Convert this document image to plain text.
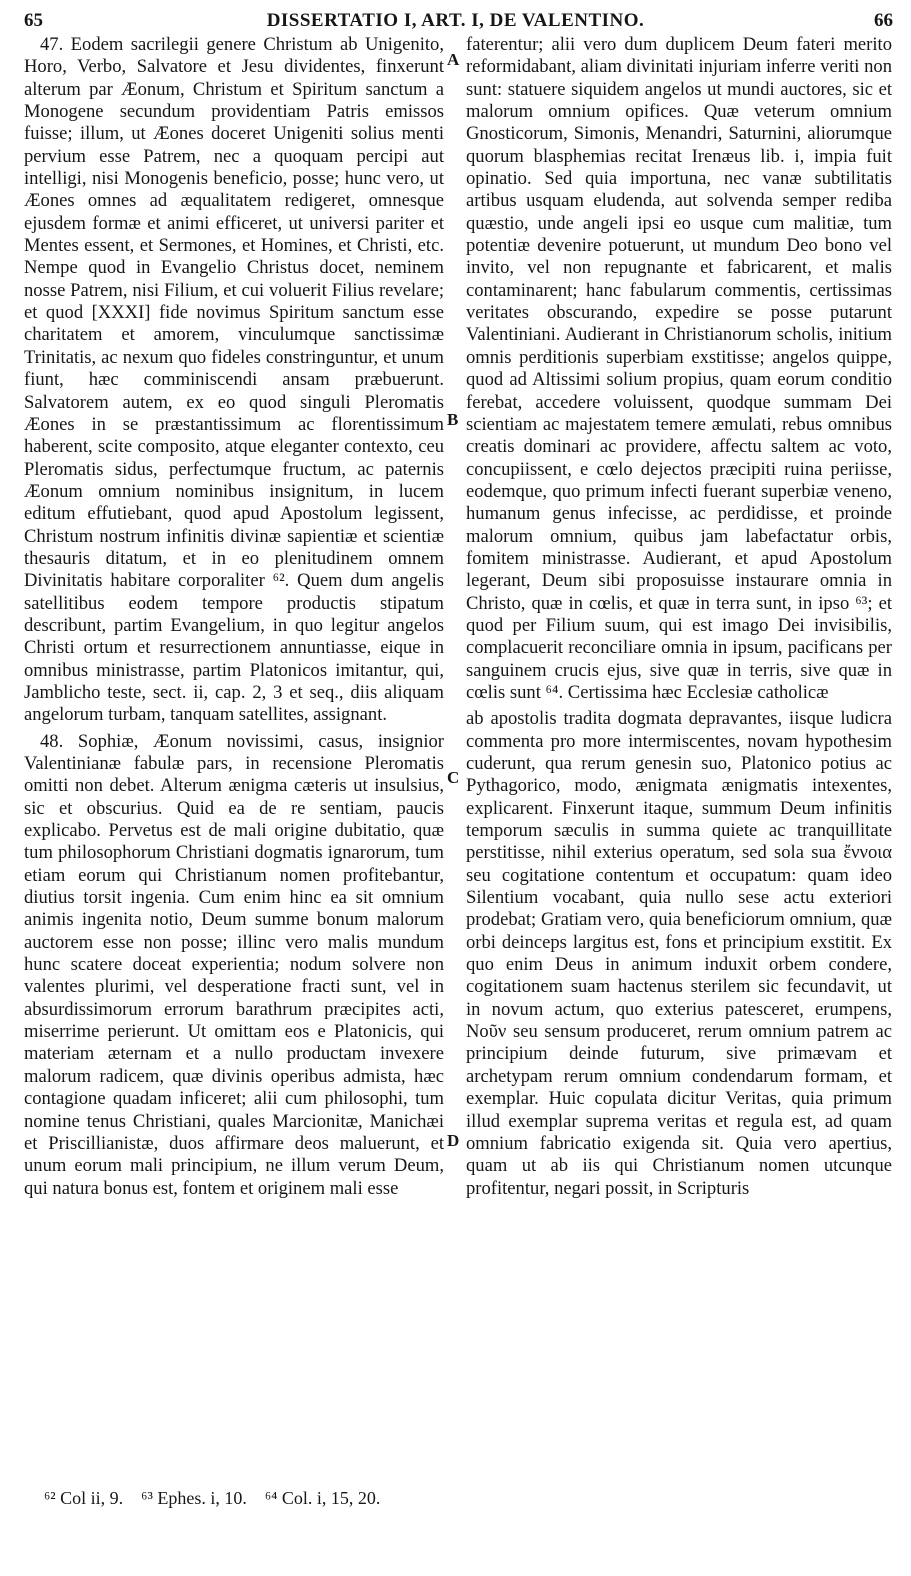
65	DISSERTATIO I, ART. I, DE VALENTINO.	66

47. Eodem sacrilegii genere Christum ab Unigenito, Horo, Verbo, Salvatore et Jesu dividentes, finxerunt alterum par Æonum, Christum et Spiritum sanctum a Monogene secundum providentiam Patris emissos fuisse; illum, ut Æones doceret Unigeniti solius menti pervium esse Patrem, nec a quoquam percipi aut intelligi, nisi Monogenis beneficio, posse; hunc vero, ut Æones omnes ad æqualitatem redigeret, omnesque ejusdem formæ et animi efficeret, ut universi pariter et Mentes essent, et Sermones, et Homines, et Christi, etc. Nempe quod in Evangelio Christus docet, neminem nosse Patrem, nisi Filium, et cui voluerit Filius revelare; et quod [XXXI] fide novimus Spiritum sanctum esse charitatem et amorem, vinculumque sanctissimæ Trinitatis, ac nexum quo fideles constringuntur, et unum fiunt, hæc comminiscendi ansam præbuerunt. Salvatorem autem, ex eo quod singuli Pleromatis Æones in se præstantissimum ac florentissimum haberent, scite composito, atque eleganter contexto, ceu Pleromatis sidus, perfectumque fructum, ac paternis Æonum omnium nominibus insignitum, in lucem editum effutiebant, quod apud Apostolum legissent, Christum nostrum infinitis divinæ sapientiæ et scientiæ thesauris ditatum, et in eo plenitudinem omnem Divinitatis habitare corporaliter ⁶². Quem dum angelis satellitibus eodem tempore productis stipatum describunt, partim Evangelium, in quo legitur angelos Christi ortum et resurrectionem annuntiasse, eique in omnibus ministrasse, partim Platonicos imitantur, qui, Jamblicho teste, sect. ii, cap. 2, 3 et seq., diis aliquam angelorum turbam, tanquam satellites, assignant.

48. Sophiæ, Æonum novissimi, casus, insignior Valentinianæ fabulæ pars, in recensione Pleromatis omitti non debet. Alterum ænigma cæteris ut insulsius, sic et obscurius. Quid ea de re sentiam, paucis explicabo. Pervetus est de mali origine dubitatio, quæ tum philosophorum Christiani dogmatis ignarorum, tum etiam eorum qui Christianum nomen profitebantur, diutius torsit ingenia. Cum enim hinc ea sit omnium animis ingenita notio, Deum summe bonum malorum auctorem esse non posse; illinc vero malis mundum hunc scatere doceat experientia; nodum solvere non valentes plurimi, vel desperatione fracti sunt, vel in absurdissimorum errorum barathrum præcipites acti, miserrime perierunt. Ut omittam eos e Platonicis, qui materiam æternam et a nullo productam invexere malorum radicem, quæ divinis operibus admista, hæc contagione quadam inficeret; alii cum philosophi, tum nomine tenus Christiani, quales Marcionitæ, Manichæi et Priscillianistæ, duos affirmare deos maluerunt, et unum eorum mali principium, ne illum verum Deum, qui natura bonus est, fontem et originem mali esse

faterentur; alii vero dum duplicem Deum fateri merito reformidabant, aliam divinitati injuriam inferre veriti non sunt: statuere siquidem angelos ut mundi auctores, sic et malorum omnium opifices. Quæ veterum omnium Gnosticorum, Simonis, Menandri, Saturnini, aliorumque quorum blasphemias recitat Irenæus lib. i, impia fuit opinatio. Sed quia importuna, nec vanæ subtilitatis artibus usquam eludenda, aut solvenda semper rediba quæstio, unde angeli ipsi eo usque cum malitiæ, tum potentiæ devenire potuerunt, ut mundum Deo bono vel invito, vel non repugnante et fabricarent, et malis contaminarent; hanc fabularum commentis, certissimas veritates obscurando, expedire se posse putarunt Valentiniani. Audierant in Christianorum scholis, initium omnis perditionis superbiam exstitisse; angelos quippe, quod ad Altissimi solium propius, quam eorum conditio ferebat, accedere voluissent, quodque summam Dei scientiam ac majestatem temere æmulati, rebus omnibus creatis dominari ac providere, affectu saltem ac voto, concupiissent, e cœlo dejectos præcipiti ruina periisse, eodemque, quo primum infecti fuerant superbiæ veneno, humanum genus infecisse, ac perdidisse, et proinde malorum omnium, quibus jam labefactatur orbis, fomitem ministrasse. Audierant, et apud Apostolum legerant, Deum sibi proposuisse instaurare omnia in Christo, quæ in cœlis, et quæ in terra sunt, in ipso ⁶³; et quod per Filium suum, qui est imago Dei invisibilis, complacuerit reconciliare omnia in ipsum, pacificans per sanguinem crucis ejus, sive quæ in terris, sive quæ in cœlis sunt ⁶⁴. Certissima hæc Ecclesiæ catholicæ

ab apostolis tradita dogmata depravantes, iisque ludicra commenta pro more intermiscentes, novam hypothesim cuderunt, qua rerum genesin suo, Platonico potius ac Pythagorico, modo, ænigmata ænigmatis intexentes, explicarent. Finxerunt itaque, summum Deum infinitis temporum sæculis in summa quiete ac tranquillitate perstitisse, nihil exterius operatum, sed sola sua ἔννοια seu cogitatione contentum et occupatum: quam ideo Silentium vocabant, quia nullo sese actu exteriori prodebat; Gratiam vero, quia beneficiorum omnium, quæ orbi deinceps largitus est, fons et principium exstitit. Ex quo enim Deus in animum induxit orbem condere, cogitationem suam hactenus sterilem sic fecundavit, ut in novum actum, quo exterius patesceret, erumpens, Νοῦν seu sensum produceret, rerum omnium patrem ac principium deinde futurum, sive primævam et archetypam rerum omnium condendarum formam, et exemplar. Huic copulata dicitur Veritas, quia primum illud exemplar suprema veritas et regula est, ad quam omnium fabricatio exigenda sit. Quia vero apertius, quam ut ab iis qui Christianum nomen utcunque profitentur, negari possit, in Scripturis

A
B
C
D
⁶² Col ii, 9.    ⁶³ Ephes. i, 10.    ⁶⁴ Col. i, 15, 20.
